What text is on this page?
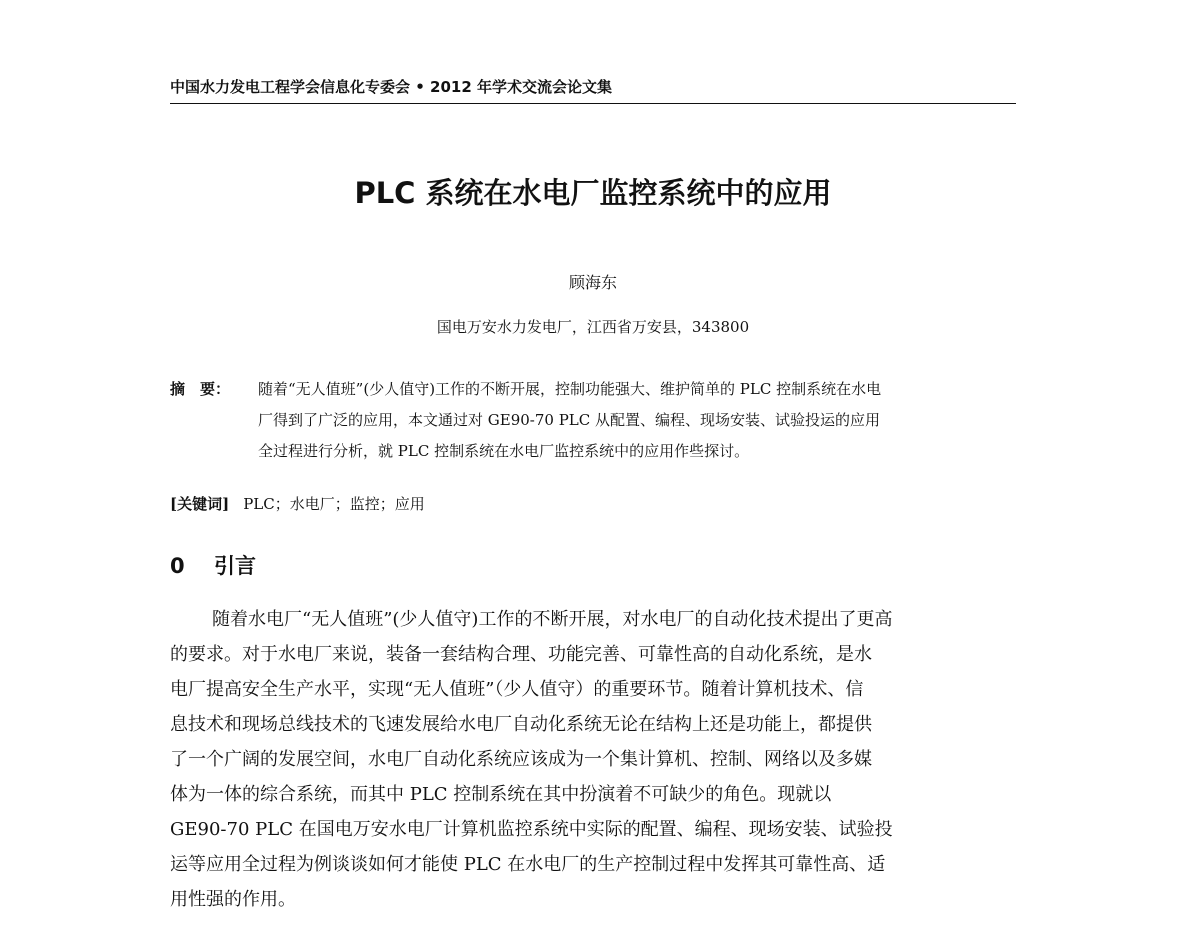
中国水力发电工程学会信息化专委会 • 2012 年学术交流会论文集
PLC 系统在水电厂监控系统中的应用
顾海东
国电万安水力发电厂，江西省万安县，343800
摘　要：	随着“无人值班”(少人值守)工作的不断开展，控制功能强大、维护简单的 PLC 控制系统在水电
厂得到了广泛的应用，本文通过对 GE90-70 PLC 从配置、编程、现场安装、试验投运的应用
全过程进行分析，就 PLC 控制系统在水电厂监控系统中的应用作些探讨。
[关键词] PLC；水电厂；监控；应用
0 引言
随着水电厂“无人值班”(少人值守)工作的不断开展，对水电厂的自动化技术提出了更高
的要求。对于水电厂来说，装备一套结构合理、功能完善、可靠性高的自动化系统，是水
电厂提高安全生产水平，实现“无人值班”（少人值守）的重要环节。随着计算机技术、信
息技术和现场总线技术的飞速发展给水电厂自动化系统无论在结构上还是功能上，都提供
了一个广阔的发展空间，水电厂自动化系统应该成为一个集计算机、控制、网络以及多媒
体为一体的综合系统，而其中 PLC 控制系统在其中扮演着不可缺少的角色。现就以
GE90-70 PLC 在国电万安水电厂计算机监控系统中实际的配置、编程、现场安装、试验投
运等应用全过程为例谈谈如何才能使 PLC 在水电厂的生产控制过程中发挥其可靠性高、适
用性强的作用。
